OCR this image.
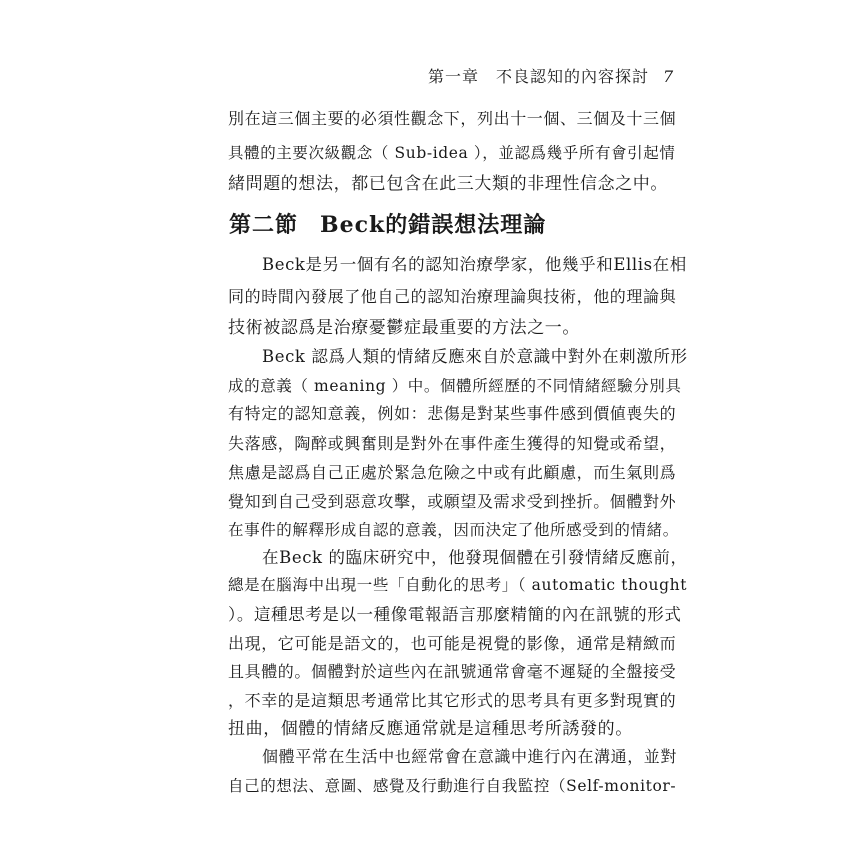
第一章　不良認知的內容探討 7
別在這三個主要的必須性觀念下，列出十一個、三個及十三個
具體的主要次級觀念（ Sub-idea ），並認爲幾乎所有會引起情
緒問題的想法，都已包含在此三大類的非理性信念之中。
第二節 Beck的錯誤想法理論
Beck是另一個有名的認知治療學家，他幾乎和Ellis在相
同的時間內發展了他自己的認知治療理論與技術，他的理論與
技術被認爲是治療憂鬱症最重要的方法之一。
Beck 認爲人類的情緒反應來自於意識中對外在刺激所形
成的意義（ meaning ）中。個體所經歷的不同情緒經驗分別具
有特定的認知意義，例如：悲傷是對某些事件感到價値喪失的
失落感，陶醉或興奮則是對外在事件產生獲得的知覺或希望，
焦慮是認爲自己正處於緊急危險之中或有此顧慮，而生氣則爲
覺知到自己受到惡意攻擊，或願望及需求受到挫折。個體對外
在事件的解釋形成自認的意義，因而決定了他所感受到的情緒。
在Beck 的臨床硏究中，他發現個體在引發情緒反應前，
總是在腦海中出現一些「自動化的思考」（ automatic thought
）。這種思考是以一種像電報語言那麼精簡的內在訊號的形式
出現，它可能是語文的，也可能是視覺的影像，通常是精緻而
且具體的。個體對於這些內在訊號通常會毫不遲疑的全盤接受
，不幸的是這類思考通常比其它形式的思考具有更多對現實的
扭曲，個體的情緒反應通常就是這種思考所誘發的。
個體平常在生活中也經常會在意識中進行內在溝通，並對
自己的想法、意圖、感覺及行動進行自我監控（Self-monitor-
